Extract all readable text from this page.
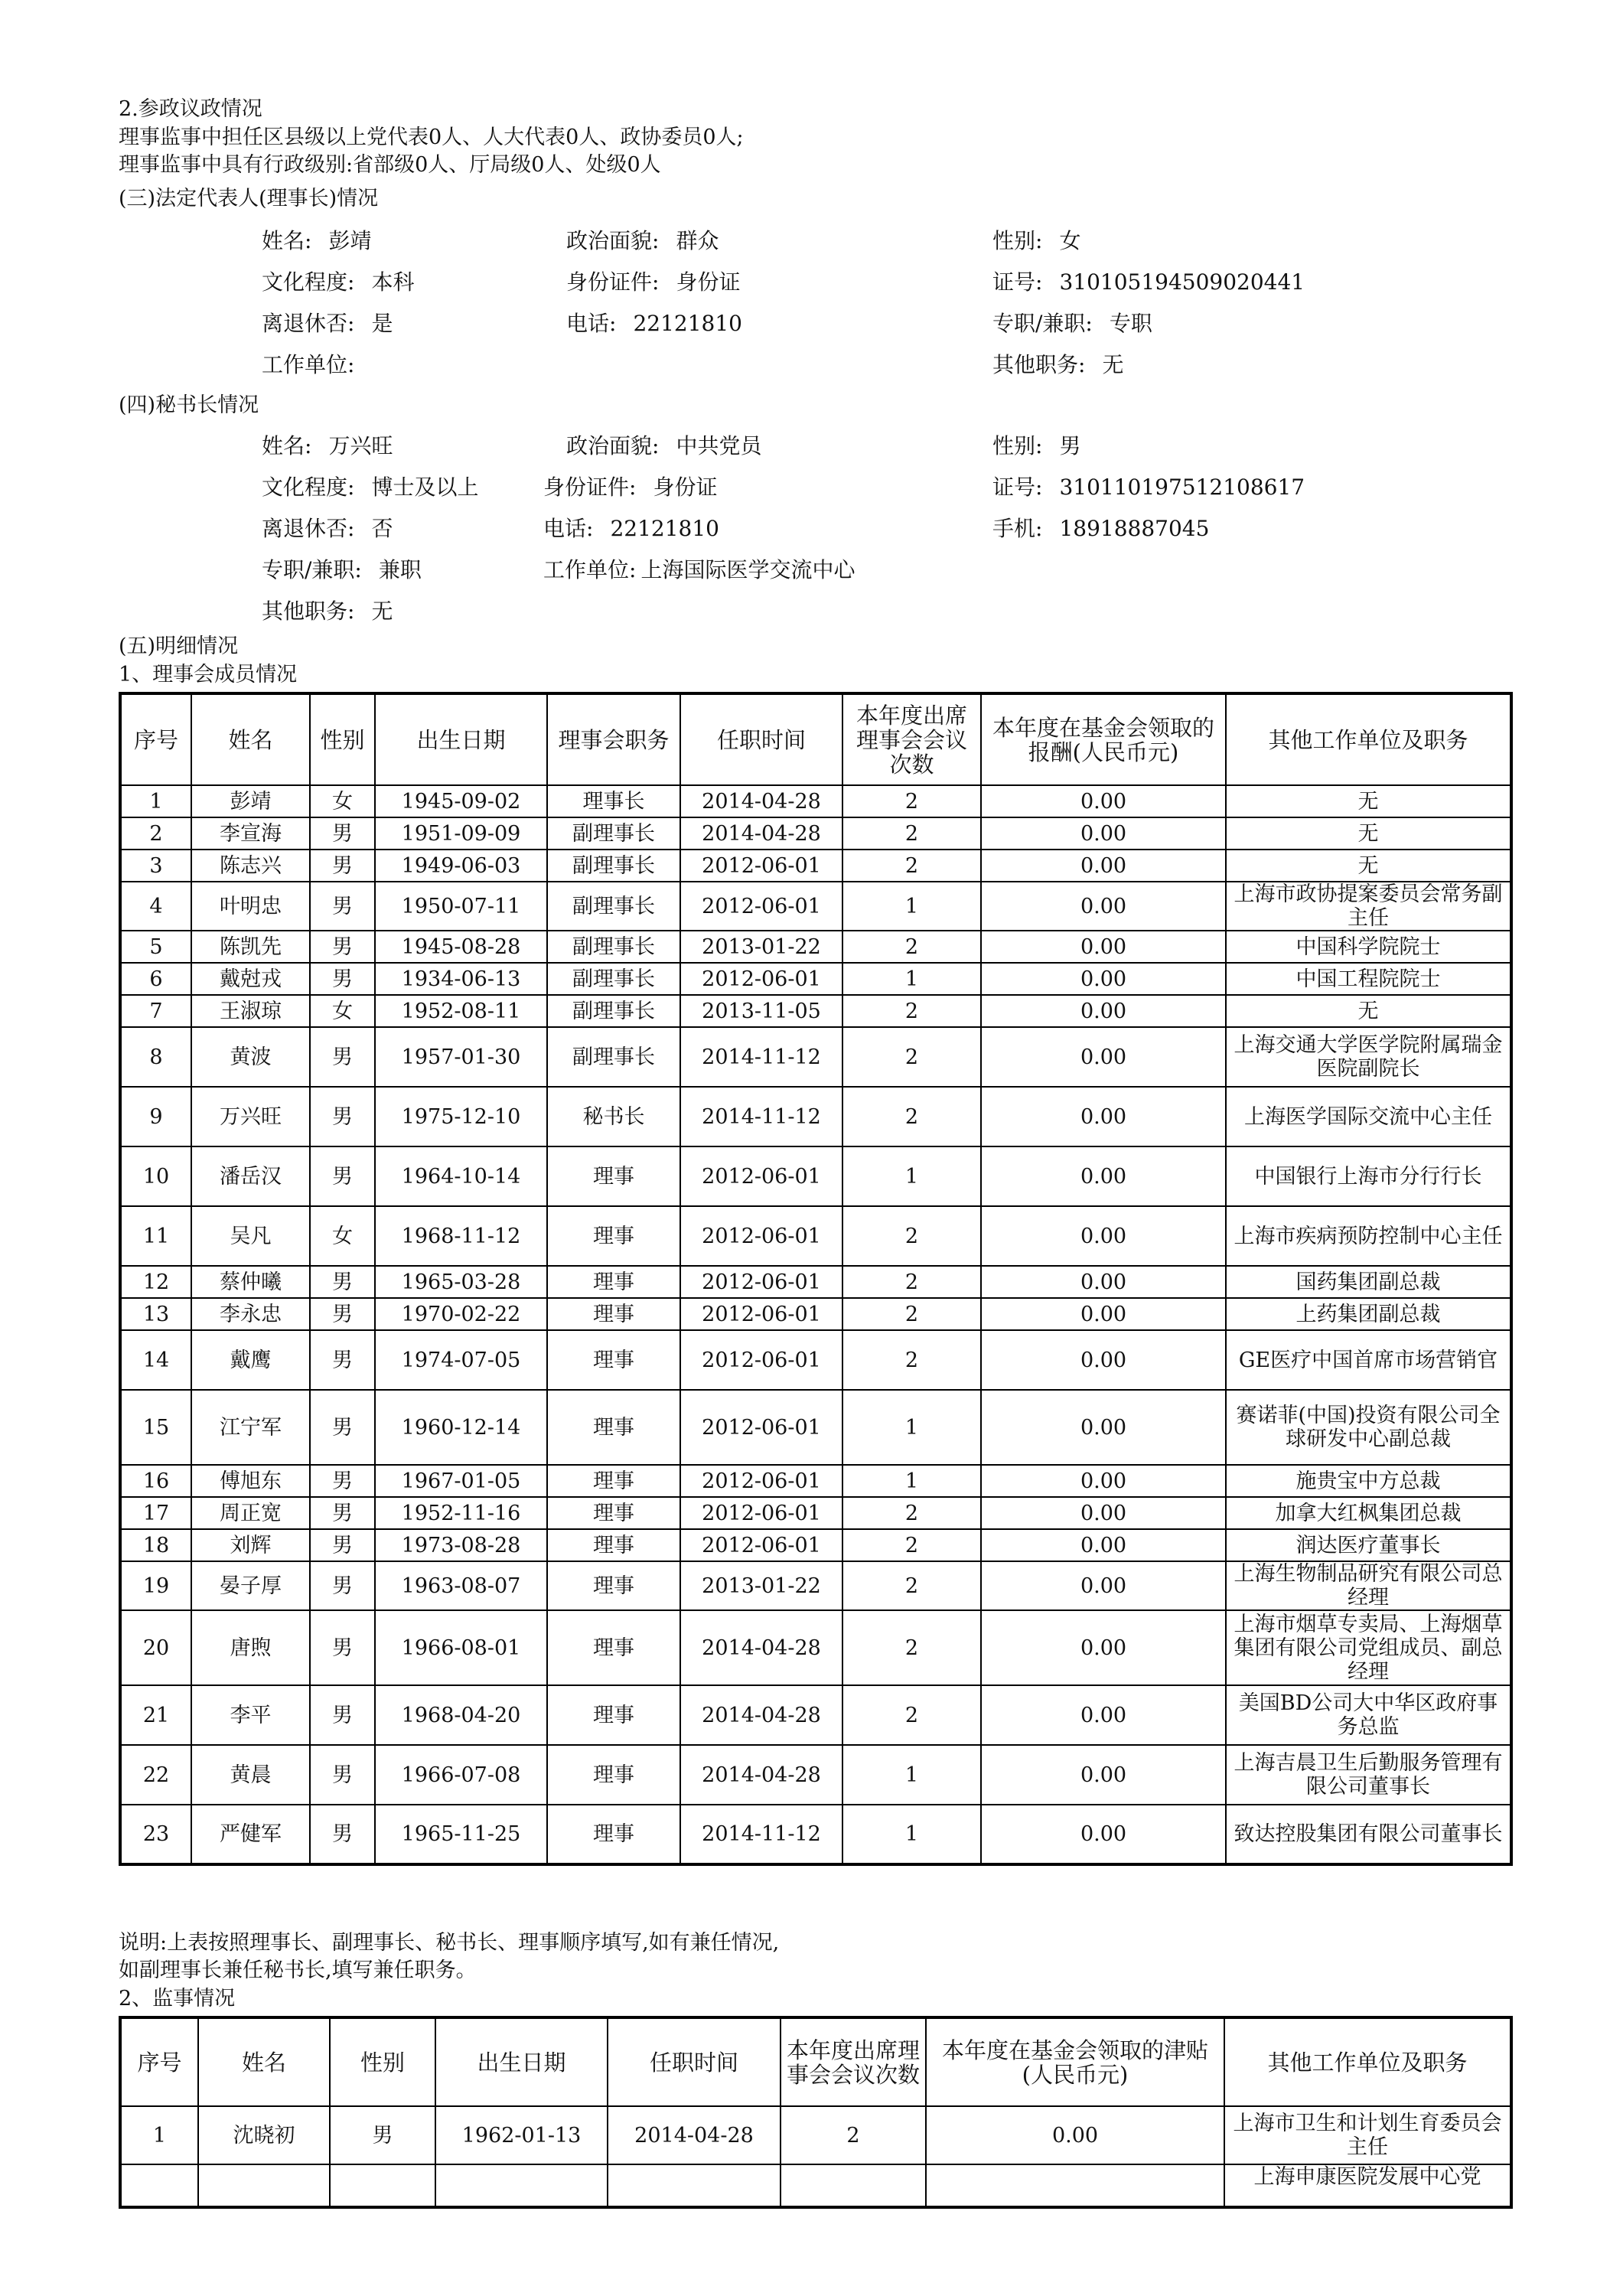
2.参政议政情况
理事监事中担任区县级以上党代表0人、人大代表0人、政协委员0人;
理事监事中具有行政级别:省部级0人、厅局级0人、处级0人
(三)法定代表人(理事长)情况
姓名: 彭靖	政治面貌: 群众	性别: 女
文化程度: 本科	身份证件: 身份证	证号: 310105194509020441
离退休否: 是	电话: 22121810	专职/兼职: 专职
工作单位:	其他职务: 无
(四)秘书长情况
姓名: 万兴旺	政治面貌: 中共党员	性别: 男
文化程度: 博士及以上	身份证件: 身份证	证号: 310110197512108617
离退休否: 否	电话: 22121810	手机: 18918887045
专职/兼职: 兼职	工作单位: 上海国际医学交流中心
其他职务: 无
(五)明细情况
1、理事会成员情况
序号	姓名	性别	出生日期	理事会职务	任职时间	本年度出席理事会会议次数	本年度在基金会领取的报酬(人民币元)	其他工作单位及职务
1	彭靖	女	1945-09-02	理事长	2014-04-28	2	0.00	无
2	李宣海	男	1951-09-09	副理事长	2014-04-28	2	0.00	无
3	陈志兴	男	1949-06-03	副理事长	2012-06-01	2	0.00	无
4	叶明忠	男	1950-07-11	副理事长	2012-06-01	1	0.00	上海市政协提案委员会常务副主任
5	陈凯先	男	1945-08-28	副理事长	2013-01-22	2	0.00	中国科学院院士
6	戴尅戎	男	1934-06-13	副理事长	2012-06-01	1	0.00	中国工程院院士
7	王淑琼	女	1952-08-11	副理事长	2013-11-05	2	0.00	无
8	黄波	男	1957-01-30	副理事长	2014-11-12	2	0.00	上海交通大学医学院附属瑞金医院副院长
9	万兴旺	男	1975-12-10	秘书长	2014-11-12	2	0.00	上海医学国际交流中心主任
10	潘岳汉	男	1964-10-14	理事	2012-06-01	1	0.00	中国银行上海市分行行长
11	吴凡	女	1968-11-12	理事	2012-06-01	2	0.00	上海市疾病预防控制中心主任
12	蔡仲曦	男	1965-03-28	理事	2012-06-01	2	0.00	国药集团副总裁
13	李永忠	男	1970-02-22	理事	2012-06-01	2	0.00	上药集团副总裁
14	戴鹰	男	1974-07-05	理事	2012-06-01	2	0.00	GE医疗中国首席市场营销官
15	江宁军	男	1960-12-14	理事	2012-06-01	1	0.00	赛诺菲(中国)投资有限公司全球研发中心副总裁
16	傅旭东	男	1967-01-05	理事	2012-06-01	1	0.00	施贵宝中方总裁
17	周正宽	男	1952-11-16	理事	2012-06-01	2	0.00	加拿大红枫集团总裁
18	刘辉	男	1973-08-28	理事	2012-06-01	2	0.00	润达医疗董事长
19	晏子厚	男	1963-08-07	理事	2013-01-22	2	0.00	上海生物制品研究有限公司总经理
20	唐煦	男	1966-08-01	理事	2014-04-28	2	0.00	上海市烟草专卖局、上海烟草集团有限公司党组成员、副总经理
21	李平	男	1968-04-20	理事	2014-04-28	2	0.00	美国BD公司大中华区政府事务总监
22	黄晨	男	1966-07-08	理事	2014-04-28	1	0.00	上海吉晨卫生后勤服务管理有限公司董事长
23	严健军	男	1965-11-25	理事	2014-11-12	1	0.00	致达控股集团有限公司董事长
说明:上表按照理事长、副理事长、秘书长、理事顺序填写,如有兼任情况,
如副理事长兼任秘书长,填写兼任职务。
2、监事情况
序号	姓名	性别	出生日期	任职时间	本年度出席理事会会议次数	本年度在基金会领取的津贴(人民币元)	其他工作单位及职务
1	沈晓初	男	1962-01-13	2014-04-28	2	0.00	上海市卫生和计划生育委员会主任
							上海申康医院发展中心党
